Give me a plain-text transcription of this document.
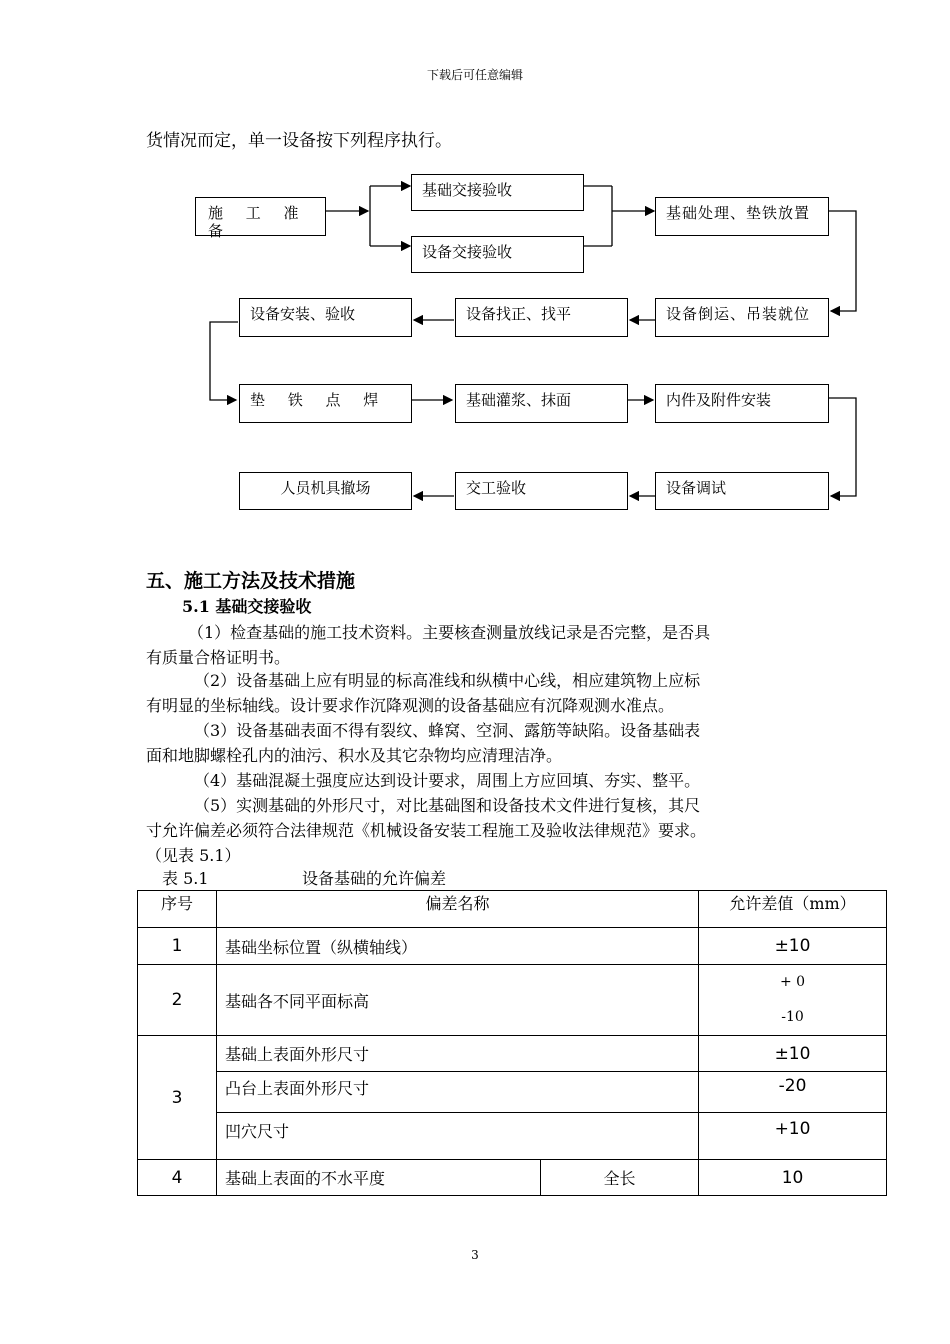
下载后可任意编辑
货情况而定，单一设备按下列程序执行。
施 工 准 备
基础交接验收
设备交接验收
基础处理、垫铁放置
设备倒运、吊装就位
设备找正、找平
设备安装、验收
垫 铁 点 焊	基础灌浆、抹面	内件及附件安装
设备调试
交工验收
人员机具撤场
五、施工方法及技术措施
5.1 基础交接验收
（1）检查基础的施工技术资料。主要核查测量放线记录是否完整，是否具
有质量合格证明书。
（2）设备基础上应有明显的标高准线和纵横中心线，相应建筑物上应标
有明显的坐标轴线。设计要求作沉降观测的设备基础应有沉降观测水准点。
（3）设备基础表面不得有裂纹、蜂窝、空洞、露筋等缺陷。设备基础表
面和地脚螺栓孔内的油污、积水及其它杂物均应清理洁净。
（4）基础混凝土强度应达到设计要求，周围上方应回填、夯实、整平。
（5）实测基础的外形尺寸，对比基础图和设备技术文件进行复核，其尺
寸允许偏差必须符合法律规范《机械设备安装工程施工及验收法律规范》要求。
（见表 5.1）
表 5.1	设备基础的允许偏差
序号	偏差名称		允许差值（mm）
1	基础坐标位置（纵横轴线）		±10
2	基础各不同平面标高		+ 0
-10

3	基础上表面外形尺寸		±10
	凸台上表面外形尺寸		-20
	凹穴尺寸		+10
4	基础上表面的不水平度	全长	10
3
